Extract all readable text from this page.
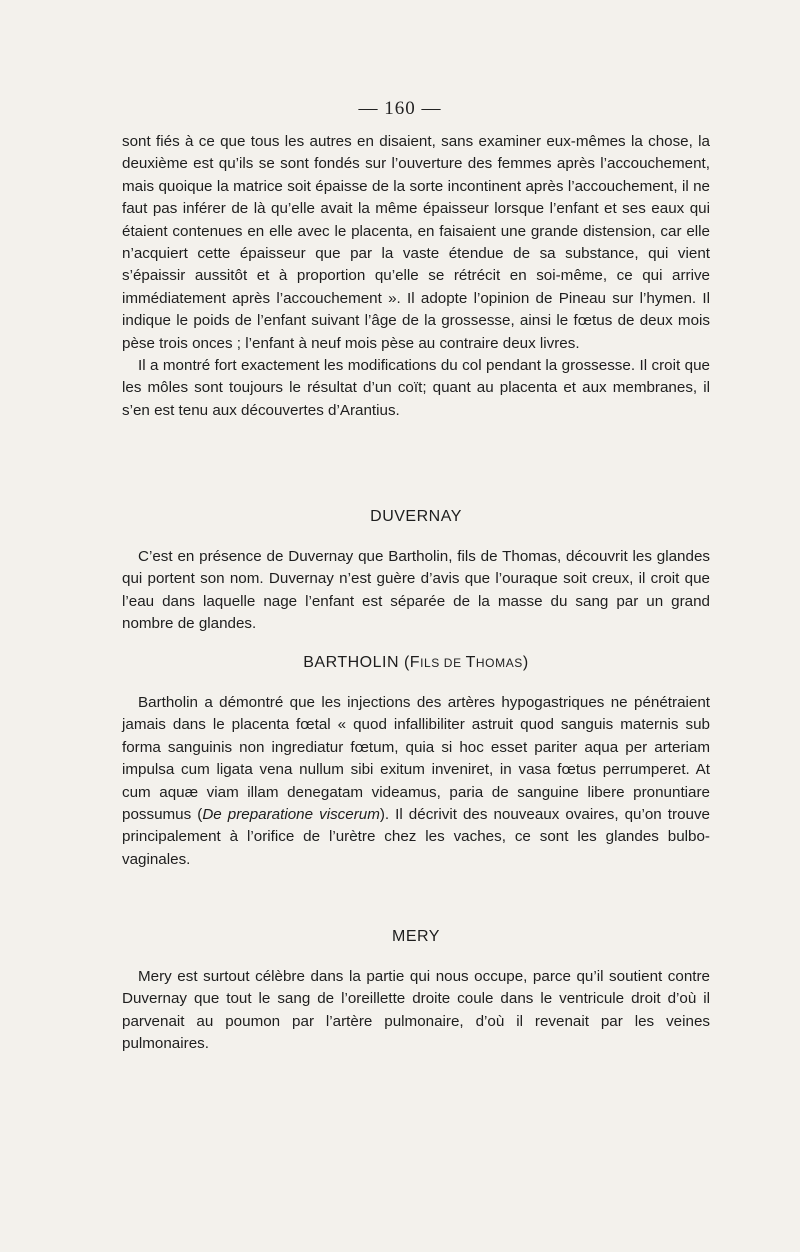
— 160 —

sont fiés à ce que tous les autres en disaient, sans examiner eux-mêmes la chose, la deuxième est qu’ils se sont fondés sur l’ouverture des femmes après l’accouchement, mais quoique la matrice soit épaisse de la sorte incontinent après l’accouchement, il ne faut pas inférer de là qu’elle avait la même épaisseur lorsque l’enfant et ses eaux qui étaient contenues en elle avec le placenta, en faisaient une grande distension, car elle n’acquiert cette épaisseur que par la vaste étendue de sa substance, qui vient s’épaissir aussitôt et à proportion qu’elle se rétrécit en soi-même, ce qui arrive immédiatement après l’accouchement ». Il adopte l’opinion de Pineau sur l’hymen. Il indique le poids de l’enfant suivant l’âge de la grossesse, ainsi le fœtus de deux mois pèse trois onces ; l’enfant à neuf mois pèse au contraire deux livres.

Il a montré fort exactement les modifications du col pendant la grossesse. Il croit que les môles sont toujours le résultat d’un coït; quant au placenta et aux membranes, il s’en est tenu aux découvertes d’Arantius.

DUVERNAY

C’est en présence de Duvernay que Bartholin, fils de Thomas, découvrit les glandes qui portent son nom. Duvernay n’est guère d’avis que l’ouraque soit creux, il croit que l’eau dans laquelle nage l’enfant est séparée de la masse du sang par un grand nombre de glandes.

BARTHOLIN (FILS DE THOMAS)

Bartholin a démontré que les injections des artères hypogastriques ne pénétraient jamais dans le placenta fœtal « quod infallibiliter astruit quod sanguis maternis sub forma sanguinis non ingrediatur fœtum, quia si hoc esset pariter aqua per arteriam impulsa cum ligata vena nullum sibi exitum inveniret, in vasa fœtus perrumperet. At cum aquæ viam illam denegatam videamus, paria de sanguine libere pronuntiare possumus (De preparatione viscerum). Il décrivit des nouveaux ovaires, qu’on trouve principalement à l’orifice de l’urètre chez les vaches, ce sont les glandes bulbo-vaginales.

MERY

Mery est surtout célèbre dans la partie qui nous occupe, parce qu’il soutient contre Duvernay que tout le sang de l’oreillette droite coule dans le ventricule droit d’où il parvenait au poumon par l’artère pulmonaire, d’où il revenait par les veines pulmonaires.
